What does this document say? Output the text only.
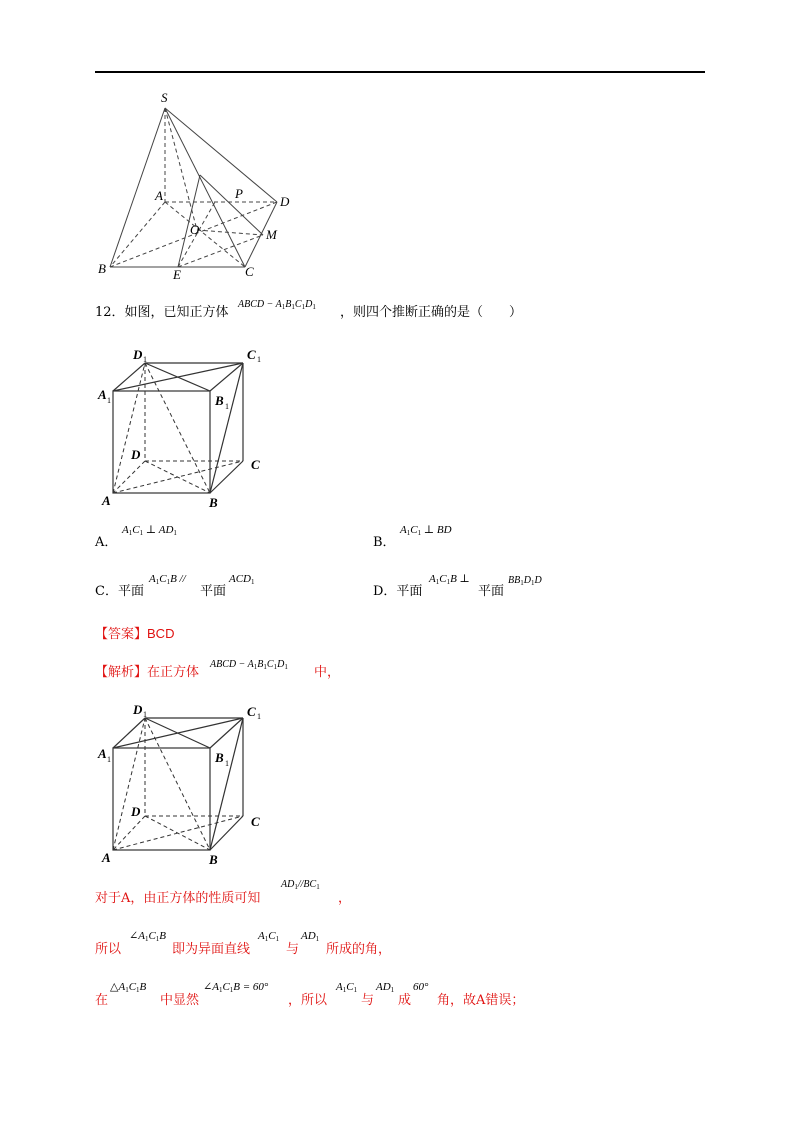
S
A	P
D
O	M
B	E	C
12．如图，已知正方体
ABCD − $A_1B_1C_1D_1$ ，则四个推断正确的是（　　）
D 1	C 1
A 1	B 1
D
C
A	B
A．
$A_1C_1$ ⊥ $AD_1$
B．
$A_1C_1$ ⊥ BD
C．平面
$A_1C_1B$ //
平面
$ACD_1$
D．平面
$A_1C_1B$ ⊥
平面
$BB_1D_1D$
【答案】BCD
【解析】在正方体
ABCD − $A_1B_1C_1D_1$ 中，
D 1	C 1
A 1	B 1
D
C
A	B
对于A，由正方体的性质可知
$AD_1//BC_1$
，
所以
$\angle A_1C_1B$
即为异面直线
$A_1C_1$
与
$AD_1$
所成的角，
在
$\triangle A_1C_1B$
中显然
$\angle A_1C_1B = 60^\circ$
，所以
$A_1C_1$
与
$AD_1$
成
60°
角，故A错误；
